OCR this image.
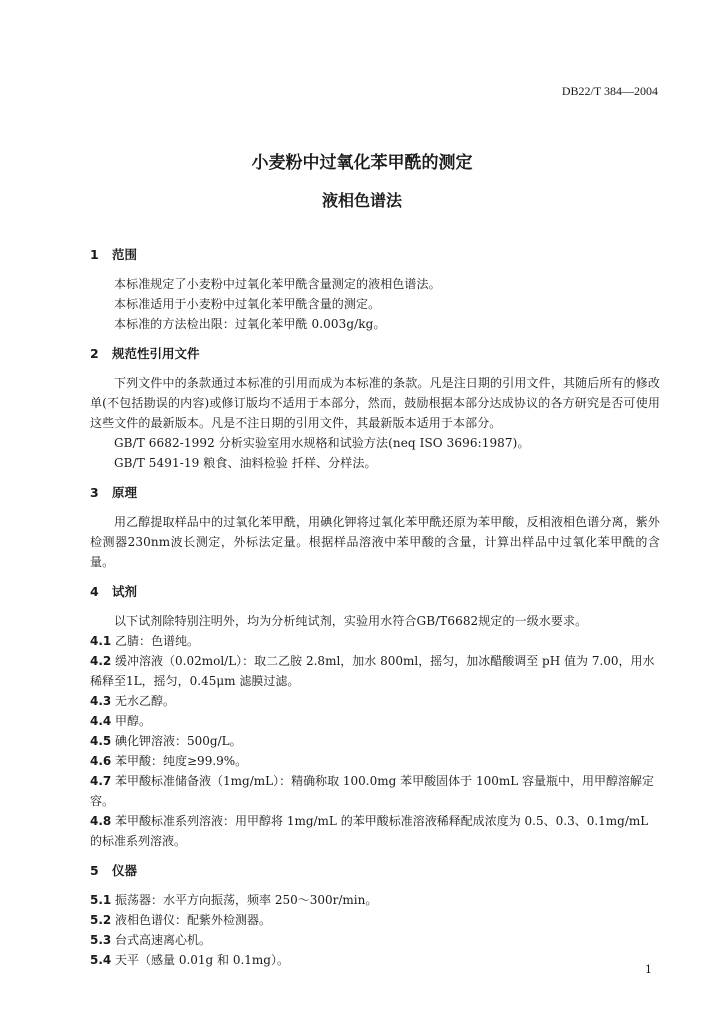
DB22/T 384—2004
小麦粉中过氧化苯甲酰的测定
液相色谱法
1 范围

本标准规定了小麦粉中过氧化苯甲酰含量测定的液相色谱法。

本标准适用于小麦粉中过氧化苯甲酰含量的测定。

本标准的方法检出限：过氧化苯甲酰 0.003g/kg。

2 规范性引用文件

下列文件中的条款通过本标准的引用而成为本标准的条款。凡是注日期的引用文件，其随后所有的修改单(不包括勘误的内容)或修订版均不适用于本部分，然而，鼓励根据本部分达成协议的各方研究是否可使用这些文件的最新版本。凡是不注日期的引用文件，其最新版本适用于本部分。

GB/T 6682-1992 分析实验室用水规格和试验方法(neq ISO 3696:1987)。

GB/T 5491-19 粮食、油料检验 扦样、分样法。

3 原理

用乙醇提取样品中的过氧化苯甲酰，用碘化钾将过氧化苯甲酰还原为苯甲酸，反相液相色谱分离，紫外检测器230nm波长测定，外标法定量。根据样品溶液中苯甲酸的含量，计算出样品中过氧化苯甲酰的含量。

4 试剂

以下试剂除特别注明外，均为分析纯试剂，实验用水符合GB/T6682规定的一级水要求。

4.1 乙腈：色谱纯。
4.2 缓冲溶液（0.02mol/L）：取二乙胺 2.8ml，加水 800ml，摇匀，加冰醋酸调至 pH 值为 7.00，用水稀释至1L，摇匀，0.45μm 滤膜过滤。
4.3 无水乙醇。
4.4 甲醇。
4.5 碘化钾溶液：500g/L。
4.6 苯甲酸：纯度≥99.9%。
4.7 苯甲酸标准储备液（1mg/mL）：精确称取 100.0mg 苯甲酸固体于 100mL 容量瓶中，用甲醇溶解定容。
4.8 苯甲酸标准系列溶液：用甲醇将 1mg/mL 的苯甲酸标准溶液稀释配成浓度为 0.5、0.3、0.1mg/mL 的标准系列溶液。
5 仪器
5.1 振荡器：水平方向振荡，频率 250～300r/min。
5.2 液相色谱仪：配紫外检测器。
5.3 台式高速离心机。
5.4 天平（感量 0.01g 和 0.1mg）。
1
